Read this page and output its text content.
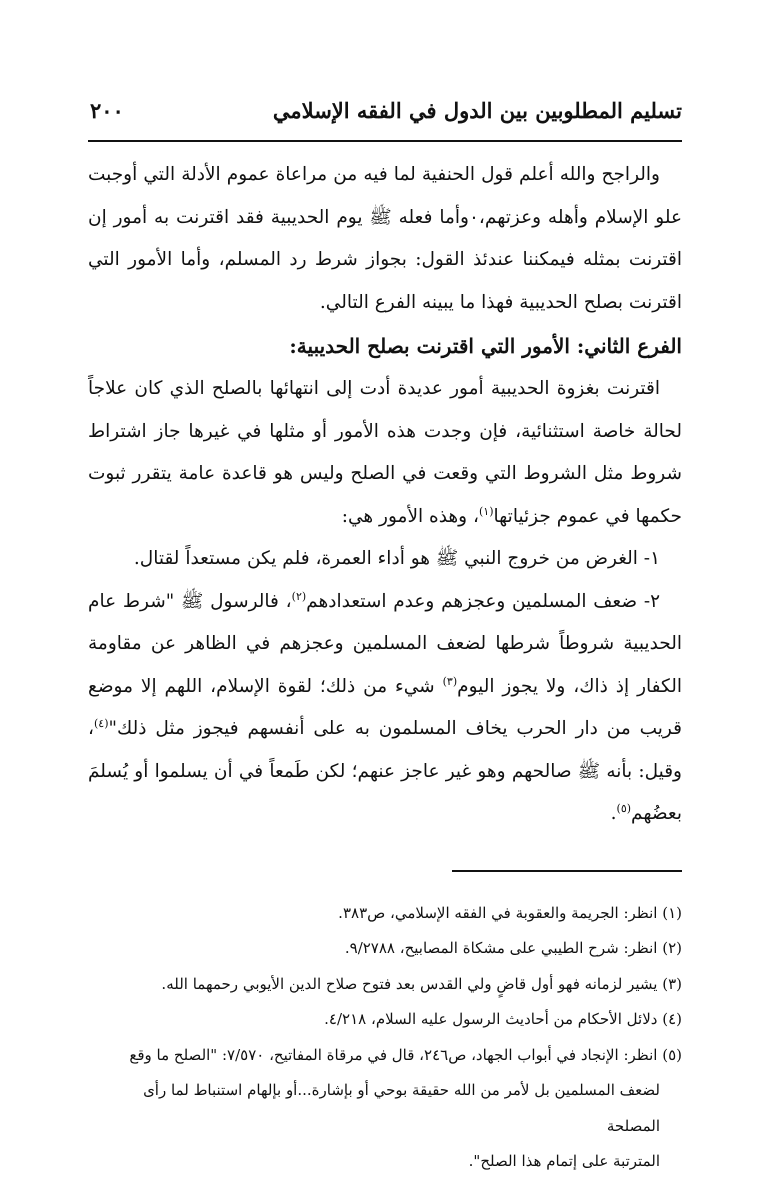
تسليم المطلوبين بين الدول في الفقه الإسلامي
٢٠٠

والراجح والله أعلم قول الحنفية لما فيه من مراعاة عموم الأدلة التي أوجبت علو الإسلام وأهله وعزتهم،٠وأما فعله ﷺ يوم الحديبية فقد اقترنت به أمور إن اقترنت بمثله فيمكننا عندئذ القول: بجواز شرط رد المسلم، وأما الأمور التي اقترنت بصلح الحديبية فهذا ما يبينه الفرع التالي.

الفرع الثاني: الأمور التي اقترنت بصلح الحديبية:

اقترنت بغزوة الحديبية أمور عديدة أدت إلى انتهائها بالصلح الذي كان علاجاً لحالة خاصة استثنائية، فإن وجدت هذه الأمور أو مثلها في غيرها جاز اشتراط شروط مثل الشروط التي وقعت في الصلح وليس هو قاعدة عامة يتقرر ثبوت حكمها في عموم جزئياتها$^{(١)}$، وهذه الأمور هي:

١- الغرض من خروج النبي ﷺ هو أداء العمرة، فلم يكن مستعداً لقتال.

٢- ضعف المسلمين وعجزهم وعدم استعدادهم$^{(٢)}$، فالرسول ﷺ "شرط عام الحديبية شروطاً شرطها لضعف المسلمين وعجزهم في الظاهر عن مقاومة الكفار إذ ذاك، ولا يجوز اليوم$^{(٣)}$ شيء من ذلك؛ لقوة الإسلام، اللهم إلا موضع قريب من دار الحرب يخاف المسلمون به على أنفسهم فيجوز مثل ذلك"$^{(٤)}$، وقيل: بأنه ﷺ صالحهم وهو غير عاجز عنهم؛ لكن طَمعاً في أن يسلموا أو يُسلمَ بعضُهم$^{(٥)}$.

(١) انظر: الجريمة والعقوبة في الفقه الإسلامي، ص٣٨٣.

(٢) انظر: شرح الطيبي على مشكاة المصابيح، ٩/٢٧٨٨.

(٣) يشير لزمانه فهو أول قاضٍ ولي القدس بعد فتوح صلاح الدين الأيوبي رحمهما الله.

(٤) دلائل الأحكام من أحاديث الرسول عليه السلام، ٤/٢١٨.

(٥) انظر: الإنجاد في أبواب الجهاد، ص٢٤٦، قال في مرقاة المفاتيح، ٧/٥٧٠: "الصلح ما وقع

لضعف المسلمين بل لأمر من الله حقيقة بوحي أو بإشارة...أو بإلهام استنباط لما رأى المصلحة

المترتبة على إتمام هذا الصلح".
